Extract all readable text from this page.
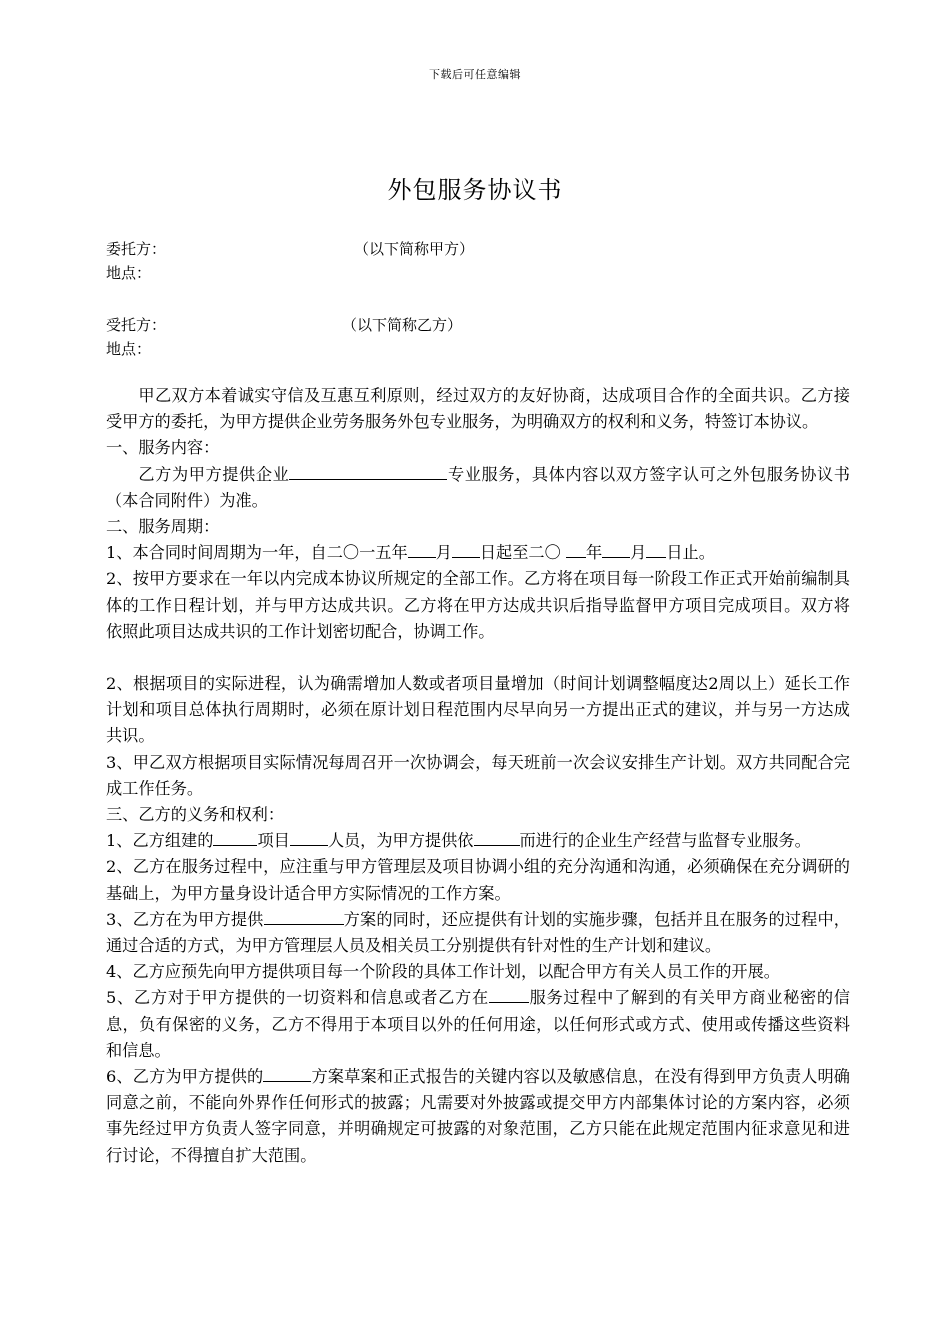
下载后可任意编辑
外包服务协议书
委托方：	（以下简称甲方）
地点：
受托方：	（以下简称乙方）
地点：

甲乙双方本着诚实守信及互惠互利原则，经过双方的友好协商，达成项目合作的全面共识。乙方接受甲方的委托，为甲方提供企业劳务服务外包专业服务，为明确双方的权利和义务，特签订本协议。

一、服务内容：

乙方为甲方提供企业	专业服务，具体内容以双方签字认可之外包服务协议书（本合同附件）为准。

二、服务周期：

1、本合同时间周期为一年，自二〇一五年 月 日起至二〇 年 月 日止。

2、按甲方要求在一年以内完成本协议所规定的全部工作。乙方将在项目每一阶段工作正式开始前编制具体的工作日程计划，并与甲方达成共识。乙方将在甲方达成共识后指导监督甲方项目完成项目。双方将依照此项目达成共识的工作计划密切配合，协调工作。

2、根据项目的实际进程，认为确需增加人数或者项目量增加（时间计划调整幅度达2周以上）延长工作计划和项目总体执行周期时，必须在原计划日程范围内尽早向另一方提出正式的建议，并与另一方达成共识。

3、甲乙双方根据项目实际情况每周召开一次协调会，每天班前一次会议安排生产计划。双方共同配合完成工作任务。

三、乙方的义务和权利：

1、乙方组建的	项目 人员，为甲方提供依	而进行的企业生产经营与监督专业服务。

2、乙方在服务过程中，应注重与甲方管理层及项目协调小组的充分沟通和沟通，必须确保在充分调研的基础上，为甲方量身设计适合甲方实际情况的工作方案。

3、乙方在为甲方提供	方案的同时，还应提供有计划的实施步骤，包括并且在服务的过程中，通过合适的方式，为甲方管理层人员及相关员工分别提供有针对性的生产计划和建议。

4、乙方应预先向甲方提供项目每一个阶段的具体工作计划，以配合甲方有关人员工作的开展。

5、乙方对于甲方提供的一切资料和信息或者乙方在 服务过程中了解到的有关甲方商业秘密的信息，负有保密的义务，乙方不得用于本项目以外的任何用途，以任何形式或方式、使用或传播这些资料和信息。

6、乙方为甲方提供的	方案草案和正式报告的关键内容以及敏感信息，在没有得到甲方负责人明确同意之前，不能向外界作任何形式的披露；凡需要对外披露或提交甲方内部集体讨论的方案内容，必须事先经过甲方负责人签字同意，并明确规定可披露的对象范围，乙方只能在此规定范围内征求意见和进行讨论，不得擅自扩大范围。
